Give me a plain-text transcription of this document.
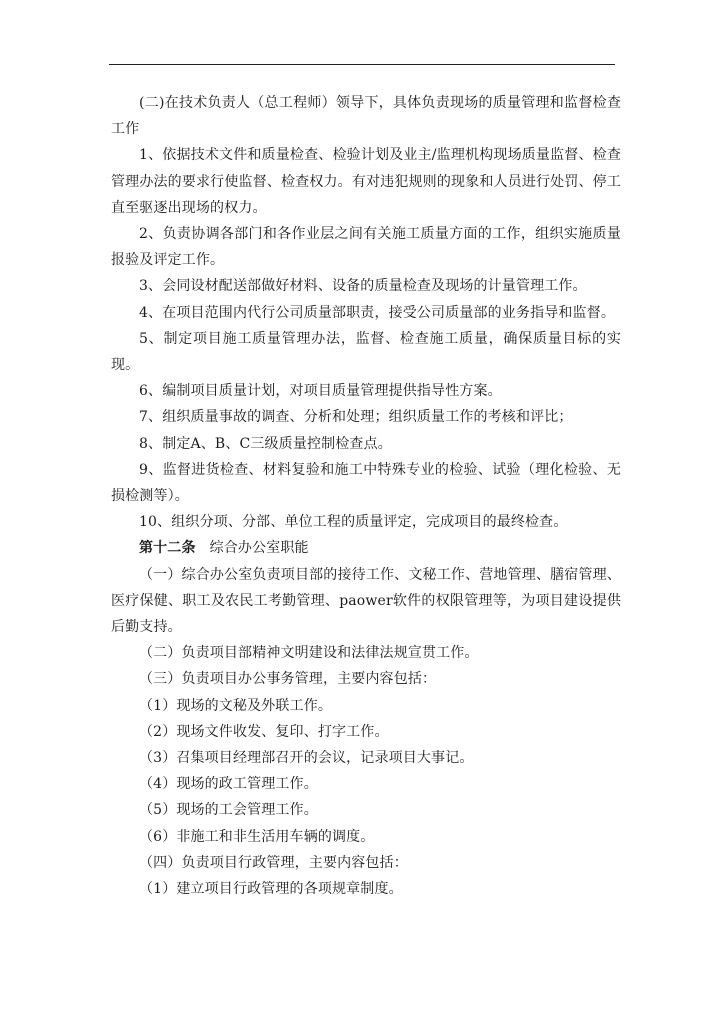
(二)在技术负责人（总工程师）领导下，具体负责现场的质量管理和监督检查工作

1、依据技术文件和质量检查、检验计划及业主/监理机构现场质量监督、检查管理办法的要求行使监督、检查权力。有对违犯规则的现象和人员进行处罚、停工直至驱逐出现场的权力。

2、负责协调各部门和各作业层之间有关施工质量方面的工作，组织实施质量报验及评定工作。

3、会同设材配送部做好材料、设备的质量检查及现场的计量管理工作。

4、在项目范围内代行公司质量部职责，接受公司质量部的业务指导和监督。

5、制定项目施工质量管理办法，监督、检查施工质量，确保质量目标的实现。

6、编制项目质量计划，对项目质量管理提供指导性方案。

7、组织质量事故的调查、分析和处理；组织质量工作的考核和评比；

8、制定A、B、C三级质量控制检查点。

9、监督进货检查、材料复验和施工中特殊专业的检验、试验（理化检验、无损检测等）。

10、组织分项、分部、单位工程的质量评定，完成项目的最终检查。

第十二条 综合办公室职能

（一）综合办公室负责项目部的接待工作、文秘工作、营地管理、膳宿管理、医疗保健、职工及农民工考勤管理、paower软件的权限管理等，为项目建设提供后勤支持。

（二）负责项目部精神文明建设和法律法规宣贯工作。

（三）负责项目办公事务管理，主要内容包括：

（1）现场的文秘及外联工作。

（2）现场文件收发、复印、打字工作。

（3）召集项目经理部召开的会议，记录项目大事记。

（4）现场的政工管理工作。

（5）现场的工会管理工作。

（6）非施工和非生活用车辆的调度。

（四）负责项目行政管理，主要内容包括：

（1）建立项目行政管理的各项规章制度。
